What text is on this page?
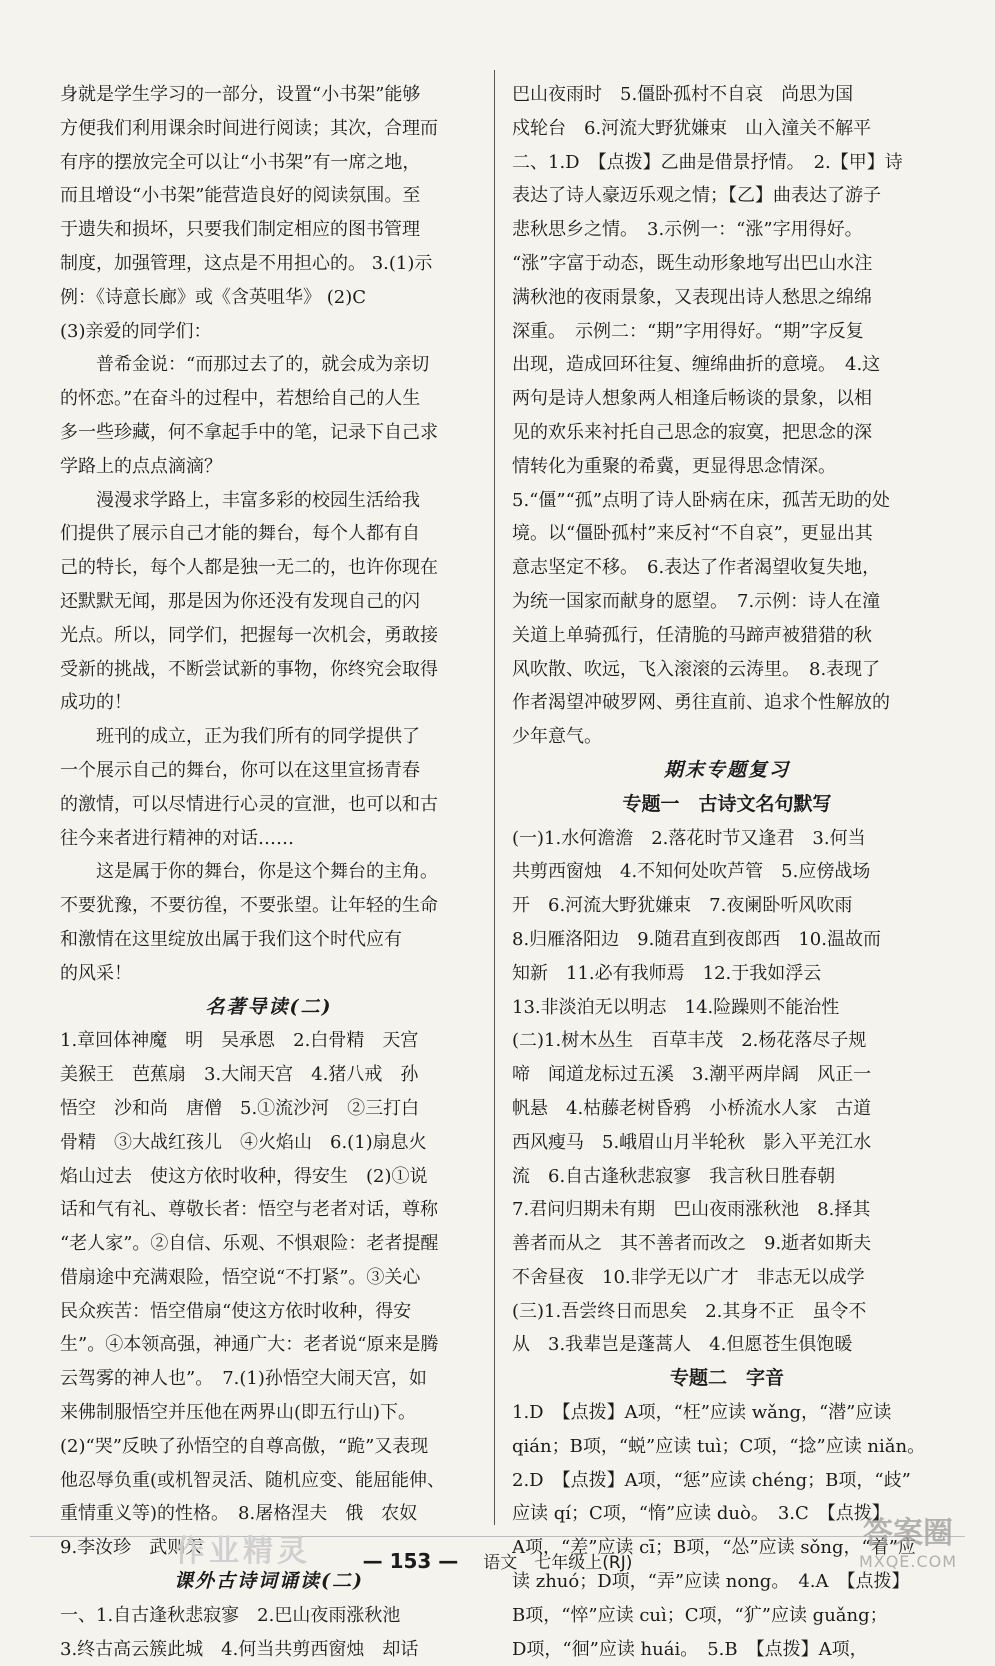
身就是学生学习的一部分，设置“小书架”能够
方便我们利用课余时间进行阅读；其次，合理而
有序的摆放完全可以让“小书架”有一席之地，
而且增设“小书架”能营造良好的阅读氛围。至
于遗失和损坏，只要我们制定相应的图书管理
制度，加强管理，这点是不用担心的。 3.(1)示
例：《诗意长廊》或《含英咀华》 (2)C
(3)亲爱的同学们：
　　普希金说：“而那过去了的，就会成为亲切
的怀恋。”在奋斗的过程中，若想给自己的人生
多一些珍藏，何不拿起手中的笔，记录下自己求
学路上的点点滴滴？
　　漫漫求学路上，丰富多彩的校园生活给我
们提供了展示自己才能的舞台，每个人都有自
己的特长，每个人都是独一无二的，也许你现在
还默默无闻，那是因为你还没有发现自己的闪
光点。所以，同学们，把握每一次机会，勇敢接
受新的挑战，不断尝试新的事物，你终究会取得
成功的！
　　班刊的成立，正为我们所有的同学提供了
一个展示自己的舞台，你可以在这里宣扬青春
的激情，可以尽情进行心灵的宣泄，也可以和古
往今来者进行精神的对话……
　　这是属于你的舞台，你是这个舞台的主角。
不要犹豫，不要彷徨，不要张望。让年轻的生命
和激情在这里绽放出属于我们这个时代应有
的风采！
名著导读(二)
1.章回体神魔　明　吴承恩　2.白骨精　天宫
美猴王　芭蕉扇　3.大闹天宫　4.猪八戒　孙
悟空　沙和尚　唐僧　5.①流沙河　②三打白
骨精　③大战红孩儿　④火焰山　6.(1)扇息火
焰山过去　使这方依时收种，得安生　(2)①说
话和气有礼、尊敬长者：悟空与老者对话，尊称
“老人家”。②自信、乐观、不惧艰险：老者提醒
借扇途中充满艰险，悟空说“不打紧”。③关心
民众疾苦：悟空借扇“使这方依时收种，得安
生”。④本领高强，神通广大：老者说“原来是腾
云驾雾的神人也”。　7.(1)孙悟空大闹天宫，如
来佛制服悟空并压他在两界山(即五行山)下。
(2)“哭”反映了孙悟空的自尊高傲，“跪”又表现
他忍辱负重(或机智灵活、随机应变、能屈能伸、
重情重义等)的性格。　8.屠格涅夫　俄　农奴
9.李汝珍　武则天
课外古诗词诵读(二)
一、1.自古逢秋悲寂寥　2.巴山夜雨涨秋池
3.终古高云簇此城　4.何当共剪西窗烛　却话
巴山夜雨时　5.僵卧孤村不自哀　尚思为国
戍轮台　6.河流大野犹嫌束　山入潼关不解平
二、1.D　【点拨】乙曲是借景抒情。　2.【甲】诗
表达了诗人豪迈乐观之情；【乙】曲表达了游子
悲秋思乡之情。　3.示例一：“涨”字用得好。
“涨”字富于动态，既生动形象地写出巴山水注
满秋池的夜雨景象，又表现出诗人愁思之绵绵
深重。　示例二：“期”字用得好。“期”字反复
出现，造成回环往复、缠绵曲折的意境。　4.这
两句是诗人想象两人相逢后畅谈的景象，以相
见的欢乐来衬托自己思念的寂寞，把思念的深
情转化为重聚的希冀，更显得思念情深。
5.“僵”“孤”点明了诗人卧病在床，孤苦无助的处
境。以“僵卧孤村”来反衬“不自哀”，更显出其
意志坚定不移。　6.表达了作者渴望收复失地，
为统一国家而献身的愿望。　7.示例：诗人在潼
关道上单骑孤行，任清脆的马蹄声被猎猎的秋
风吹散、吹远，飞入滚滚的云涛里。　8.表现了
作者渴望冲破罗网、勇往直前、追求个性解放的
少年意气。
期末专题复习
专题一　古诗文名句默写
(一)1.水何澹澹　2.落花时节又逢君　3.何当
共剪西窗烛　4.不知何处吹芦管　5.应傍战场
开　6.河流大野犹嫌束　7.夜阑卧听风吹雨
8.归雁洛阳边　9.随君直到夜郎西　10.温故而
知新　11.必有我师焉　12.于我如浮云
13.非淡泊无以明志　14.险躁则不能治性
(二)1.树木丛生　百草丰茂　2.杨花落尽子规
啼　闻道龙标过五溪　3.潮平两岸阔　风正一
帆悬　4.枯藤老树昏鸦　小桥流水人家　古道
西风瘦马　5.峨眉山月半轮秋　影入平羌江水
流　6.自古逢秋悲寂寥　我言秋日胜春朝
7.君问归期未有期　巴山夜雨涨秋池　8.择其
善者而从之　其不善者而改之　9.逝者如斯夫
不舍昼夜　10.非学无以广才　非志无以成学
(三)1.吾尝终日而思矣　2.其身不正　虽令不
从　3.我辈岂是蓬蒿人　4.但愿苍生俱饱暖
专题二　字音
1.D　【点拨】A项，“枉”应读 wǎng，“潜”应读
qián；B项，“蜕”应读 tuì；C项，“捻”应读 niǎn。
2.D　【点拨】A项，“惩”应读 chéng；B项，“歧”
应读 qí；C项，“惰”应读 duò。　3.C　【点拨】
A项，“差”应读 cī；B项，“怂”应读 sǒng，“着”应
读 zhuó；D项，“弄”应读 nong。　4.A　【点拨】
B项，“悴”应读 cuì；C项，“犷”应读 guǎng；
D项，“徊”应读 huái。　5.B　【点拨】A项，
— 153 — 语文　七年级上(RJ)
作业精灵
答案圈
MXQE.COM
